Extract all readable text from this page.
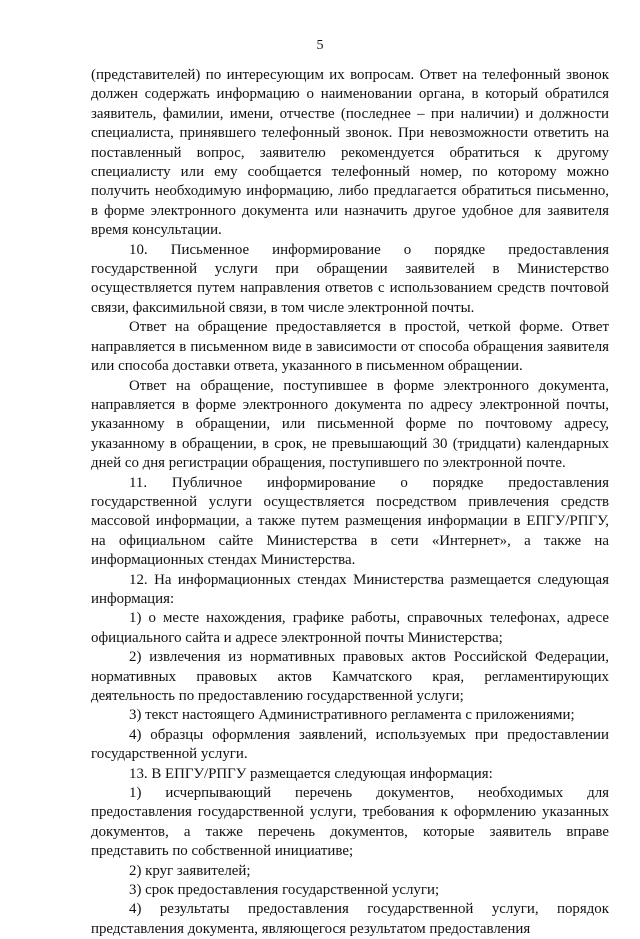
5

(представителей) по интересующим их вопросам. Ответ на телефонный звонок должен содержать информацию о наименовании органа, в который обратился заявитель, фамилии, имени, отчестве (последнее – при наличии) и должности специалиста, принявшего телефонный звонок. При невозможности ответить на поставленный вопрос, заявителю рекомендуется обратиться к другому специалисту или ему сообщается телефонный номер, по которому можно получить необходимую информацию, либо предлагается обратиться письменно, в форме электронного документа или назначить другое удобное для заявителя время консультации.

10. Письменное информирование о порядке предоставления государственной услуги при обращении заявителей в Министерство осуществляется путем направления ответов с использованием средств почтовой связи, факсимильной связи, в том числе электронной почты.

Ответ на обращение предоставляется в простой, четкой форме. Ответ направляется в письменном виде в зависимости от способа обращения заявителя или способа доставки ответа, указанного в письменном обращении.

Ответ на обращение, поступившее в форме электронного документа, направляется в форме электронного документа по адресу электронной почты, указанному в обращении, или письменной форме по почтовому адресу, указанному в обращении, в срок, не превышающий 30 (тридцати) календарных дней со дня регистрации обращения, поступившего по электронной почте.

11. Публичное информирование о порядке предоставления государственной услуги осуществляется посредством привлечения средств массовой информации, а также путем размещения информации в ЕПГУ/РПГУ, на официальном сайте Министерства в сети «Интернет», а также на информационных стендах Министерства.

12. На информационных стендах Министерства размещается следующая информация:

1) о месте нахождения, графике работы, справочных телефонах, адресе официального сайта и адресе электронной почты Министерства;

2) извлечения из нормативных правовых актов Российской Федерации, нормативных правовых актов Камчатского края, регламентирующих деятельность по предоставлению государственной услуги;

3) текст настоящего Административного регламента с приложениями;

4) образцы оформления заявлений, используемых при предоставлении государственной услуги.

13. В ЕПГУ/РПГУ размещается следующая информация:

1) исчерпывающий перечень документов, необходимых для предоставления государственной услуги, требования к оформлению указанных документов, а также перечень документов, которые заявитель вправе представить по собственной инициативе;

2) круг заявителей;

3) срок предоставления государственной услуги;

4) результаты предоставления государственной услуги, порядок представления документа, являющегося результатом предоставления
